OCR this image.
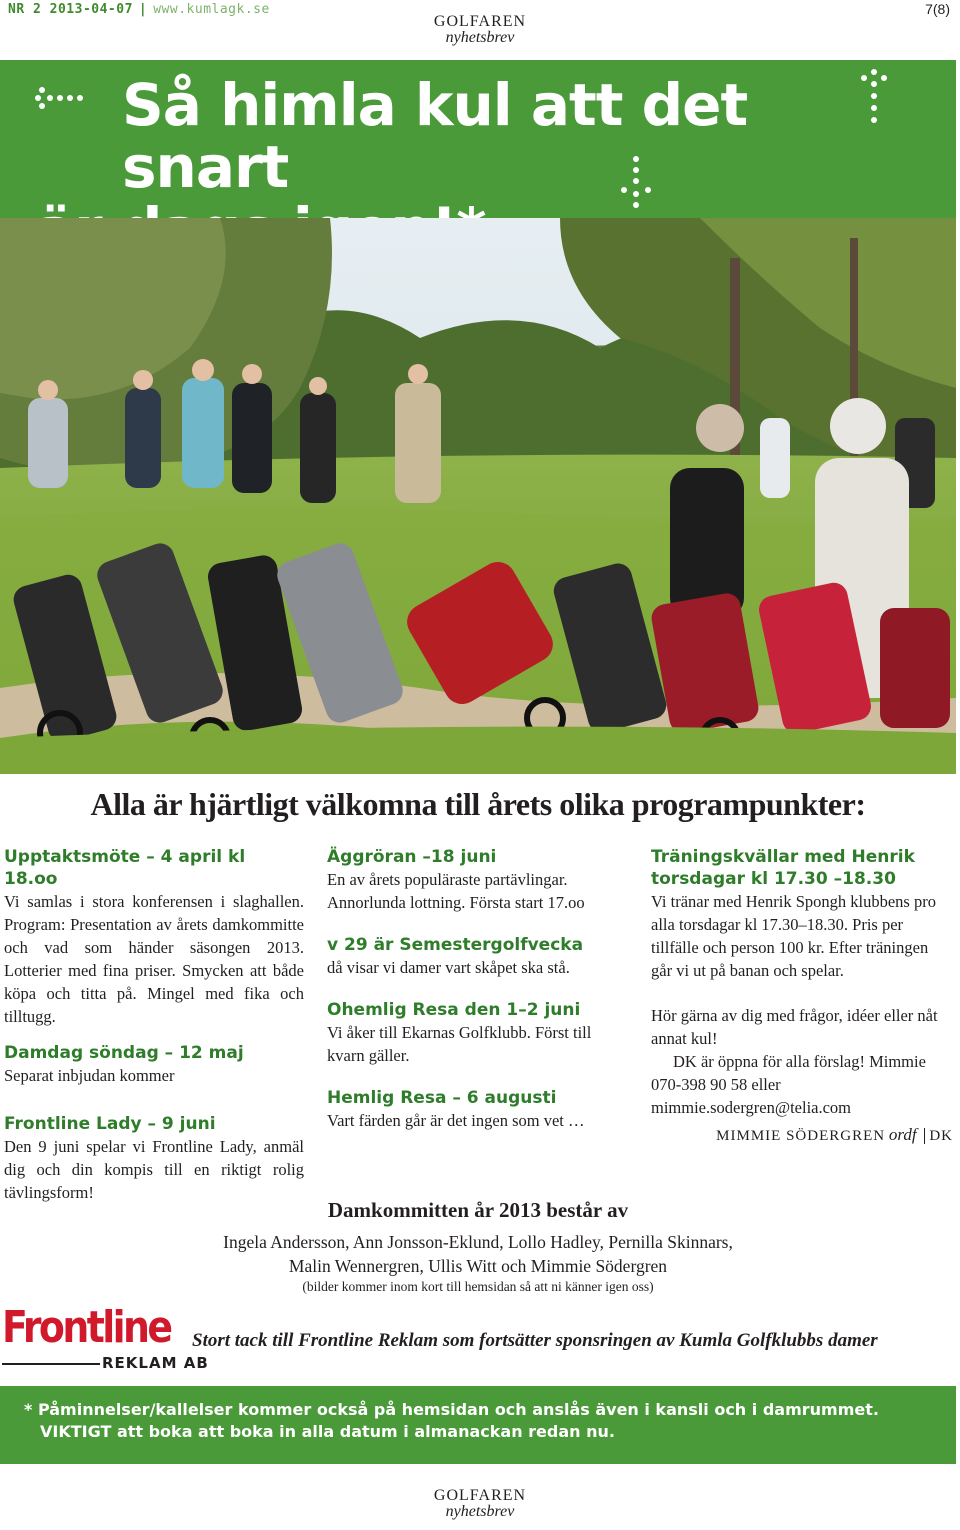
NR 2 2013-04-07 | www.kumlagk.se	7(8)
GOLFAREN
nyhetsbrev
Så himla kul att det snart
Alla är hjärtligt välkomna till årets olika programpunkter:
Upptaktsmöte – 4 april kl 18.oo

Vi samlas i stora konferensen i slaghallen. Program: Presentation av årets damkommitte och vad som händer säsongen 2013. Lotterier med fina priser. Smycken att både köpa och titta på. Mingel med fika och tilltugg.

Damdag söndag – 12 maj

Separat inbjudan kommer

Frontline Lady – 9 juni

Den 9 juni spelar vi Frontline Lady, anmäl dig och din kompis till en riktigt rolig tävlingsform!

Äggröran –18 juni

En av årets populäraste partävlingar. Annorlunda lottning. Första start 17.oo

v 29 är Semestergolfvecka

då visar vi damer vart skåpet ska stå.

Ohemlig Resa den 1–2 juni

Vi åker till Ekarnas Golfklubb. Först till kvarn gäller.

Hemlig Resa – 6 augusti

Vart färden går är det ingen som vet …

Träningskvällar med Henrik torsdagar kl 17.30 –18.30

Vi tränar med Henrik Spongh klubbens pro alla torsdagar kl 17.30–18.30. Pris per tillfälle och person 100 kr. Efter träningen går vi ut på banan och spelar.

Hör gärna av dig med frågor, idéer eller nåt annat kul!

DK är öppna för alla förslag! Mimmie 070-398 90 58 eller mimmie.sodergren@telia.com

MIMMIE SÖDERGREN ordf DK

Damkommitten år 2013 består av
Ingela Andersson, Ann Jonsson-Eklund, Lollo Hadley, Pernilla Skinnars,
Malin Wennergren, Ullis Witt och Mimmie Södergren
(bilder kommer inom kort till hemsidan så att ni känner igen oss)
Frontline
REKLAM AB
Stort tack till Frontline Reklam som fortsätter sponsringen av Kumla Golfklubbs damer
* Påminnelser/kallelser kommer också på hemsidan och anslås även i kansli och i damrummet.
VIKTIGT att boka att boka in alla datum i almanackan redan nu.
GOLFAREN
nyhetsbrev
